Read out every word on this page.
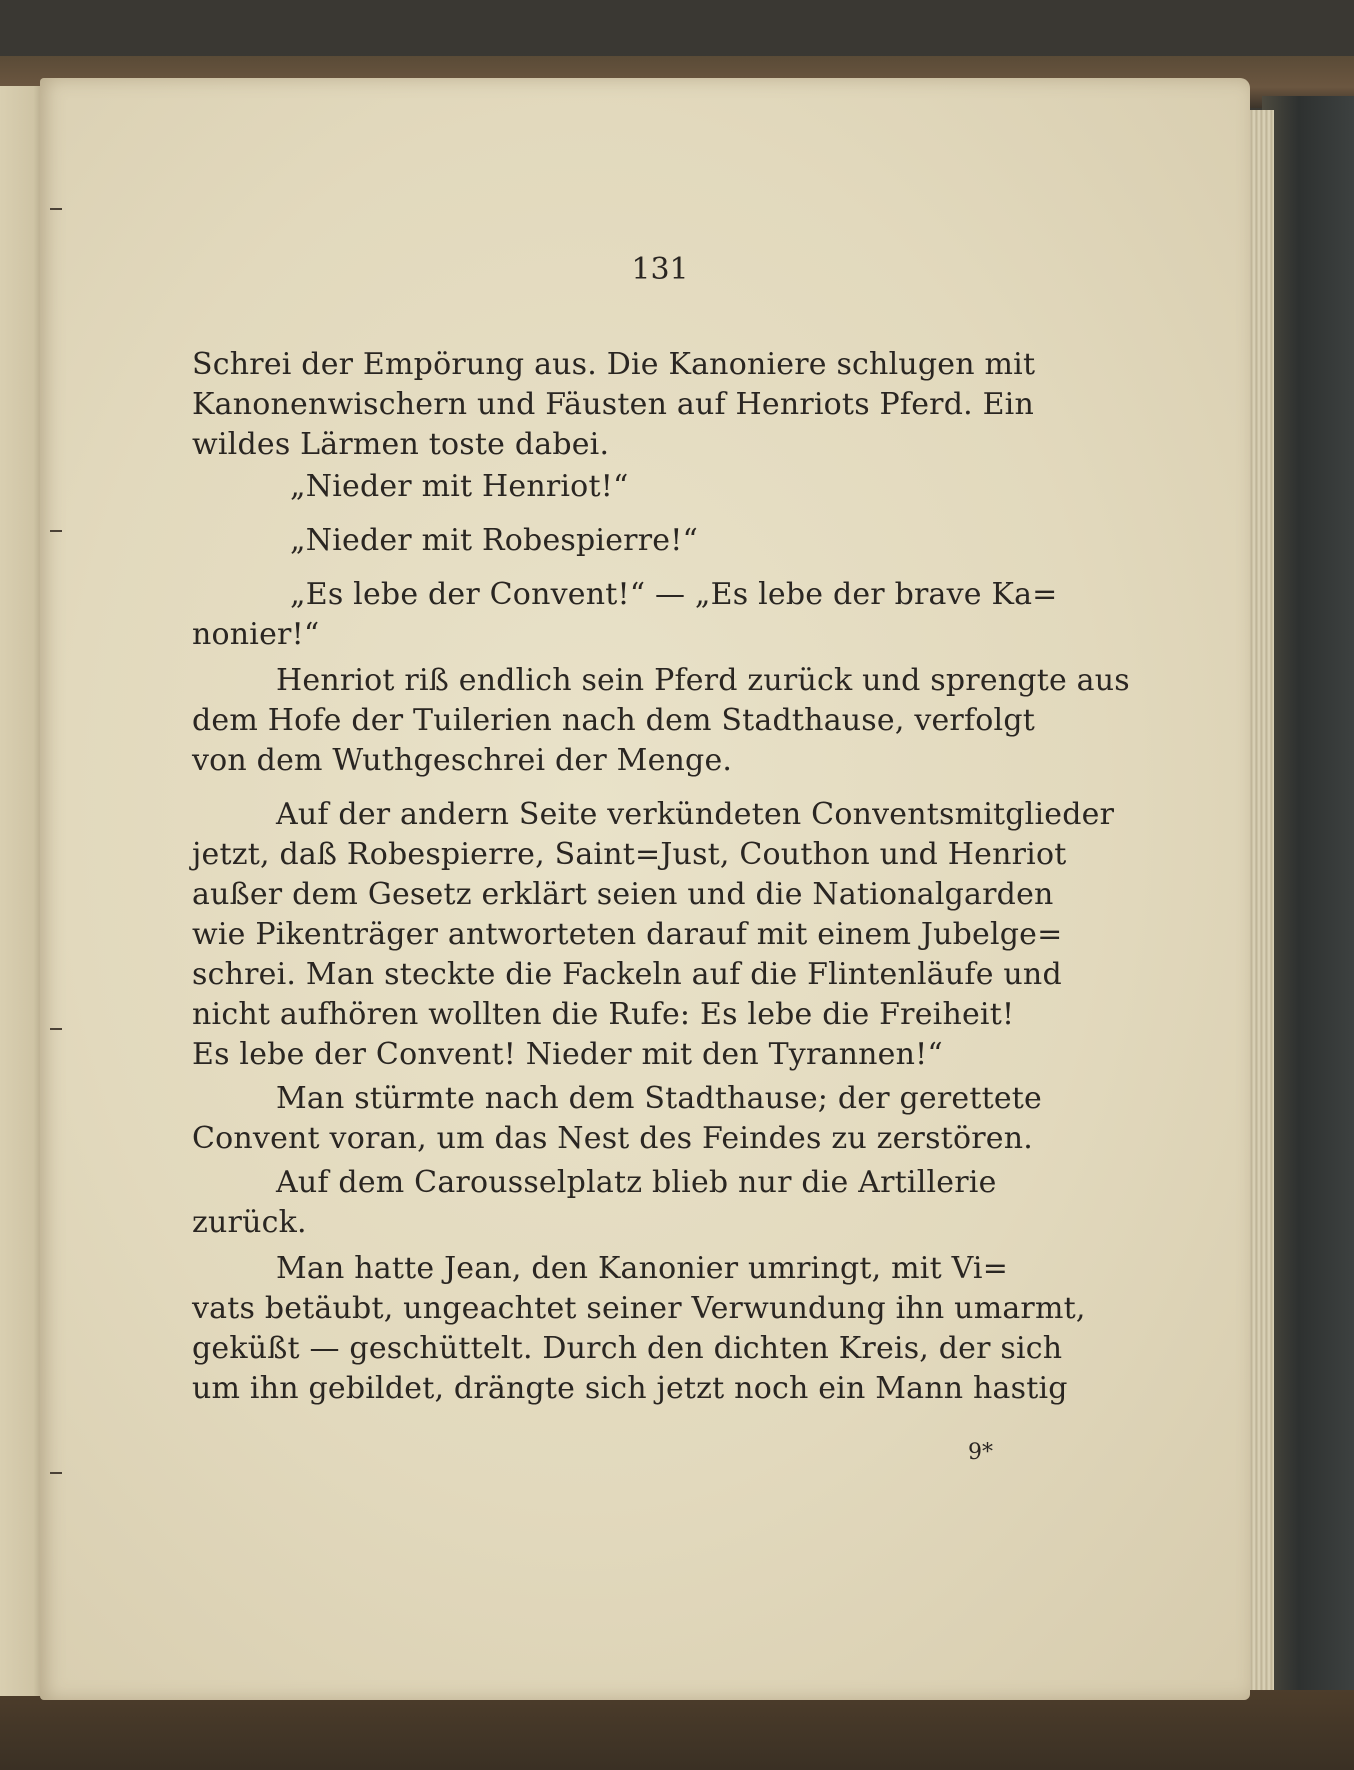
131
Schrei der Empörung aus. Die Kanoniere schlugen mit
Kanonenwischern und Fäusten auf Henriots Pferd. Ein
wildes Lärmen toste dabei.
„Nieder mit Henriot!“
„Nieder mit Robespierre!“
„Es lebe der Convent!“ — „Es lebe der brave Ka=
nonier!“
Henriot riß endlich sein Pferd zurück und sprengte aus
dem Hofe der Tuilerien nach dem Stadthause, verfolgt
von dem Wuthgeschrei der Menge.
Auf der andern Seite verkündeten Conventsmitglieder
jetzt, daß Robespierre, Saint=Just, Couthon und Henriot
außer dem Gesetz erklärt seien und die Nationalgarden
wie Pikenträger antworteten darauf mit einem Jubelge=
schrei. Man steckte die Fackeln auf die Flintenläufe und
nicht aufhören wollten die Rufe: Es lebe die Freiheit!
Es lebe der Convent! Nieder mit den Tyrannen!“
Man stürmte nach dem Stadthause; der gerettete
Convent voran, um das Nest des Feindes zu zerstören.
Auf dem Carousselplatz blieb nur die Artillerie
zurück.
Man hatte Jean, den Kanonier umringt, mit Vi=
vats betäubt, ungeachtet seiner Verwundung ihn umarmt,
geküßt — geschüttelt. Durch den dichten Kreis, der sich
um ihn gebildet, drängte sich jetzt noch ein Mann hastig
9*
